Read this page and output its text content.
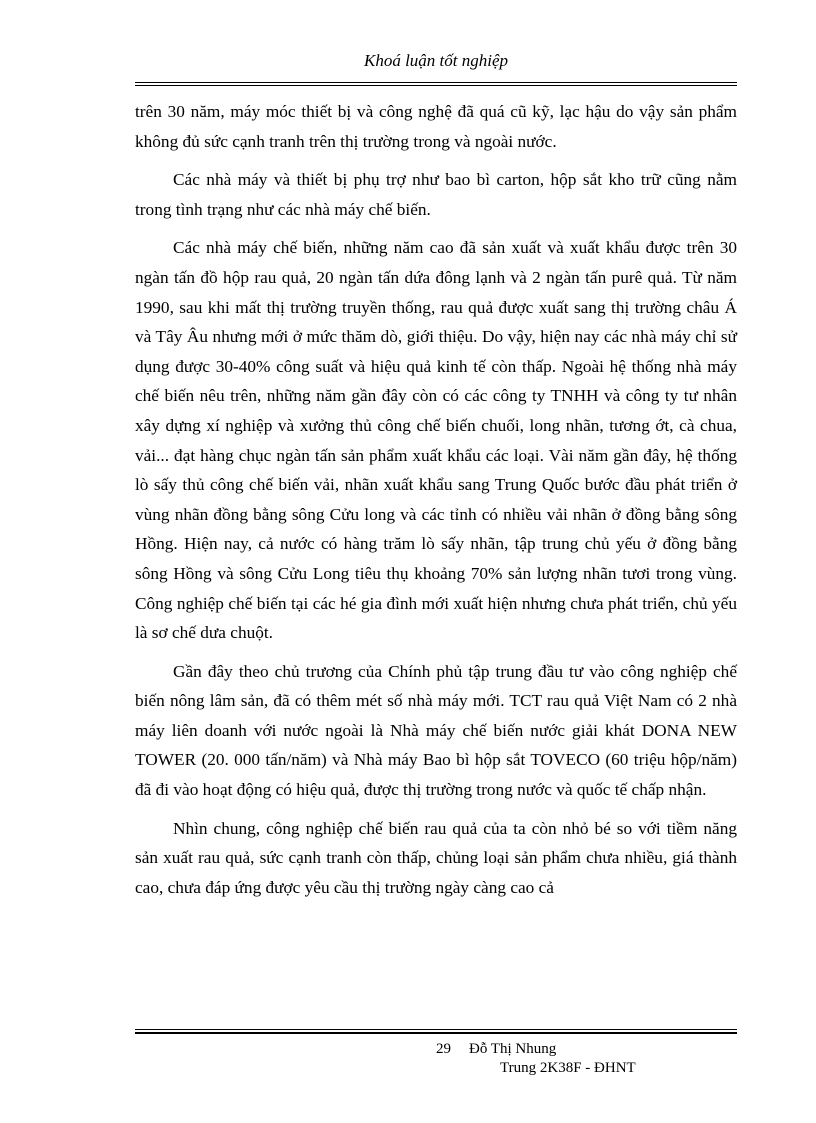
Khoá luận tốt nghiệp

trên 30 năm, máy móc thiết bị và công nghệ đã quá cũ kỹ, lạc hậu do vậy sản phẩm không đủ sức cạnh tranh trên thị trường trong và ngoài nước.

Các nhà máy và thiết bị phụ trợ như bao bì carton, hộp sắt kho trữ cũng nằm trong tình trạng như các nhà máy chế biến.

Các nhà máy chế biến, những năm cao đã sản xuất và xuất khẩu được trên 30 ngàn tấn đồ hộp rau quả, 20 ngàn tấn dứa đông lạnh và 2 ngàn tấn purê quả. Từ năm 1990, sau khi mất thị trường truyền thống, rau quả được xuất sang thị trường châu Á và Tây Âu nhưng mới ở mức thăm dò, giới thiệu. Do vậy, hiện nay các nhà máy chỉ sử dụng được 30-40% công suất và hiệu quả kinh tế còn thấp. Ngoài hệ thống nhà máy chế biến nêu trên, những năm gần đây còn có các công ty TNHH và công ty tư nhân xây dựng xí nghiệp và xưởng thủ công chế biến chuối, long nhãn, tương ớt, cà chua, vải... đạt hàng chục ngàn tấn sản phẩm xuất khẩu các loại. Vài năm gần đây, hệ thống lò sấy thủ công chế biến vải, nhãn xuất khẩu sang Trung Quốc bước đầu phát triển ở vùng nhãn đồng bằng sông Cửu long và các tỉnh có nhiều vải nhãn ở đồng bằng sông Hồng. Hiện nay, cả nước có hàng trăm lò sấy nhãn, tập trung chủ yếu ở đồng bằng sông Hồng và sông Cửu Long tiêu thụ khoảng 70% sản lượng nhãn tươi trong vùng. Công nghiệp chế biến tại các hé gia đình mới xuất hiện nhưng chưa phát triển, chủ yếu là sơ chế dưa chuột.

Gần đây theo chủ trương của Chính phủ tập trung đầu tư vào công nghiệp chế biến nông lâm sản, đã có thêm mét số nhà máy mới. TCT rau quả Việt Nam có 2 nhà máy liên doanh với nước ngoài là Nhà máy chế biến nước giải khát DONA NEW TOWER (20. 000 tấn/năm) và Nhà máy Bao bì hộp sắt TOVECO (60 triệu hộp/năm) đã đi vào hoạt động có hiệu quả, được thị trường trong nước và quốc tế chấp nhận.

Nhìn chung, công nghiệp chế biến rau quả của ta còn nhỏ bé so với tiềm năng sản xuất rau quả, sức cạnh tranh còn thấp, chủng loại sản phẩm chưa nhiều, giá thành cao, chưa đáp ứng được yêu cầu thị trường ngày càng cao cả

29 Đỗ Thị Nhung
Trung 2K38F - ĐHNT
